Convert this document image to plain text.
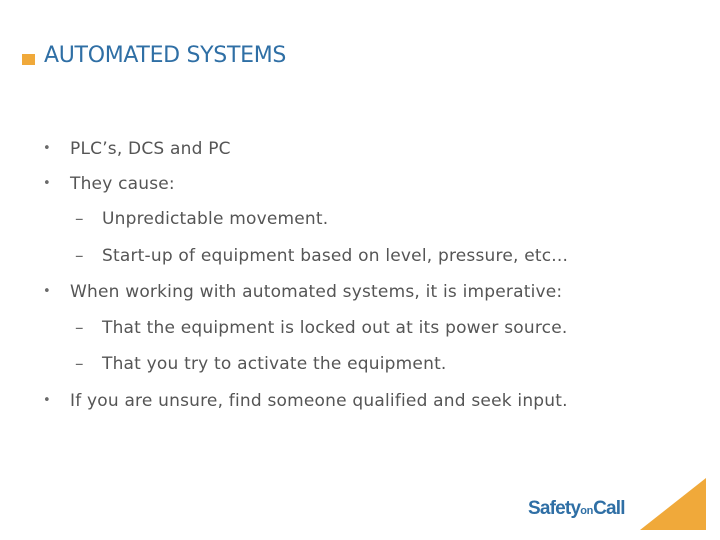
AUTOMATED SYSTEMS
• PLC’s, DCS and PC
• They cause:
– Unpredictable movement.
– Start-up of equipment based on level, pressure, etc...
• When working with automated systems, it is imperative:
– That the equipment is locked out at its power source.
– That you try to activate the equipment.
• If you are unsure, find someone qualified and seek input.
SafetyonCall
